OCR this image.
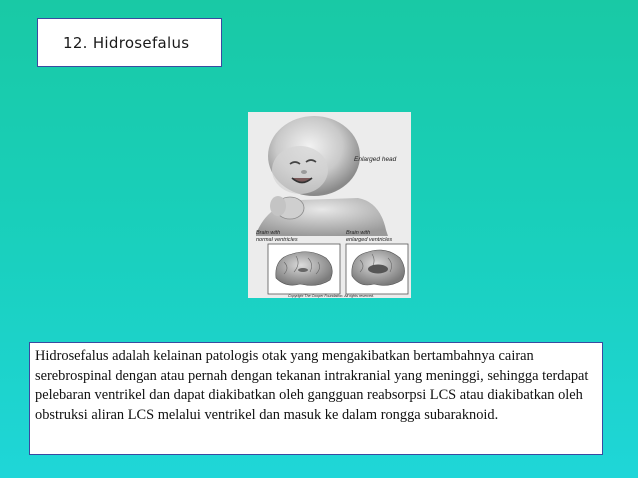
12. Hidrosefalus
Enlarged head
Brain with
normal ventricles
Brain with
enlarged ventricles
Copyright The Cooper Foundation. All rights reserved.
Hidrosefalus adalah kelainan patologis otak yang mengakibatkan bertambahnya cairan serebrospinal dengan atau pernah dengan tekanan intrakranial yang meninggi, sehingga terdapat pelebaran ventrikel dan dapat diakibatkan oleh gangguan reabsorpsi LCS atau diakibatkan oleh obstruksi aliran LCS melalui ventrikel dan masuk ke dalam rongga subaraknoid.
